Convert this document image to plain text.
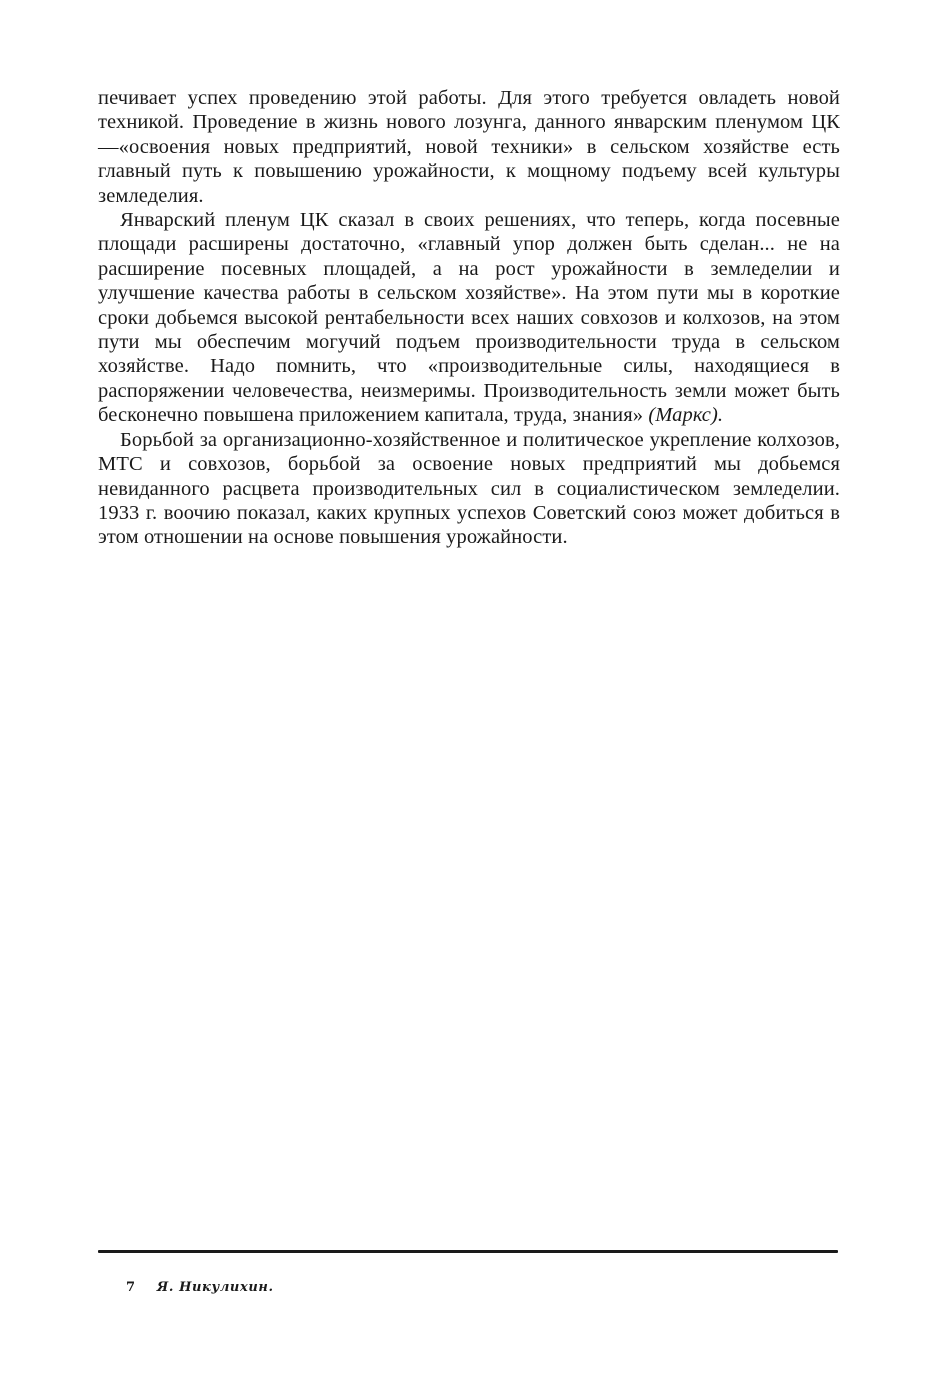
печивает успех проведению этой работы. Для этого требуется овладеть новой техникой. Проведение в жизнь нового лозунга, данного январским пленумом ЦК—«освоения новых предприятий, новой техники» в сельском хозяйстве есть главный путь к повышению урожайности, к мощному подъему всей культуры земледелия.

Январский пленум ЦК сказал в своих решениях, что теперь, когда посевные площади расширены достаточно, «главный упор должен быть сделан... не на расширение посевных площадей, а на рост урожайности в земледелии и улучшение качества работы в сельском хозяйстве». На этом пути мы в короткие сроки добьемся высокой рентабельности всех наших совхозов и колхозов, на этом пути мы обеспечим могучий подъем производительности труда в сельском хозяйстве. Надо помнить, что «производительные силы, находящиеся в распоряжении человечества, неизмеримы. Производительность земли может быть бесконечно повышена приложением капитала, труда, знания» (Маркс).

Борьбой за организационно-хозяйственное и политическое укрепление колхозов, МТС и совхозов, борьбой за освоение новых предприятий мы добьемся невиданного расцвета производительных сил в социалистическом земледелии. 1933 г. воочию показал, каких крупных успехов Советский союз может добиться в этом отношении на основе повышения урожайности.

7 Я. Никулихин.
